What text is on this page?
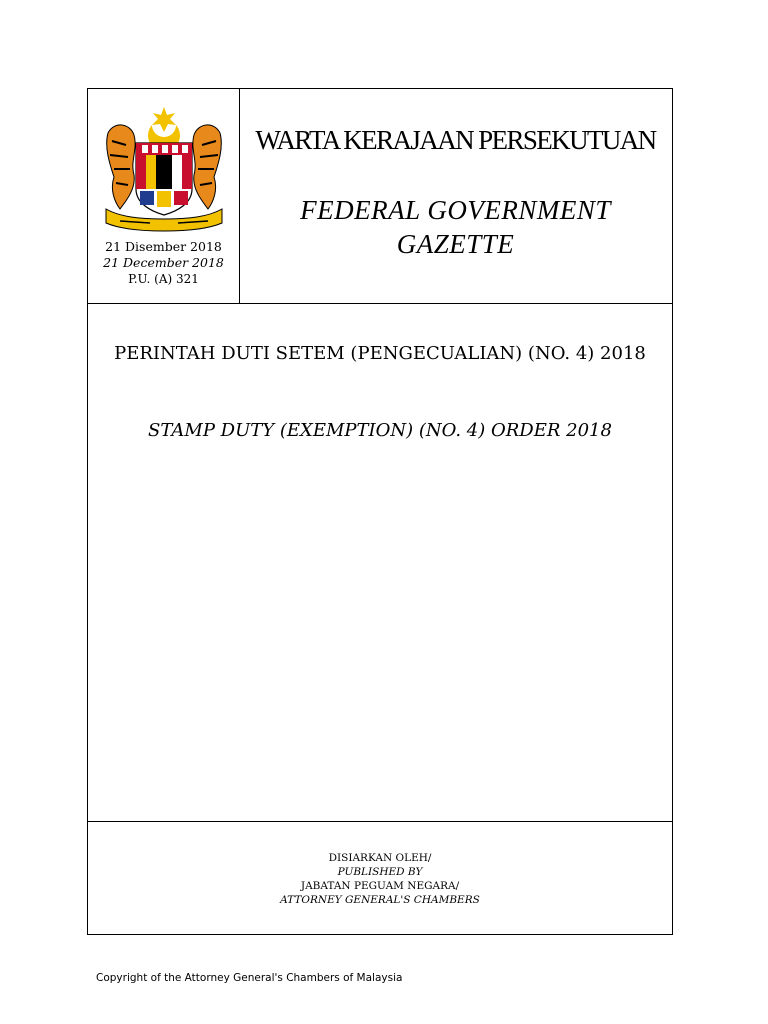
21 Disember 2018
21 December 2018
P.U. (A) 321
WARTA KERAJAAN PERSEKUTUAN
FEDERAL GOVERNMENT
GAZETTE
PERINTAH DUTI SETEM (PENGECUALIAN) (NO. 4) 2018
STAMP DUTY (EXEMPTION) (NO. 4) ORDER 2018
DISIARKAN OLEH/
PUBLISHED BY
JABATAN PEGUAM NEGARA/
ATTORNEY GENERAL'S CHAMBERS
Copyright of the Attorney General's Chambers of Malaysia
